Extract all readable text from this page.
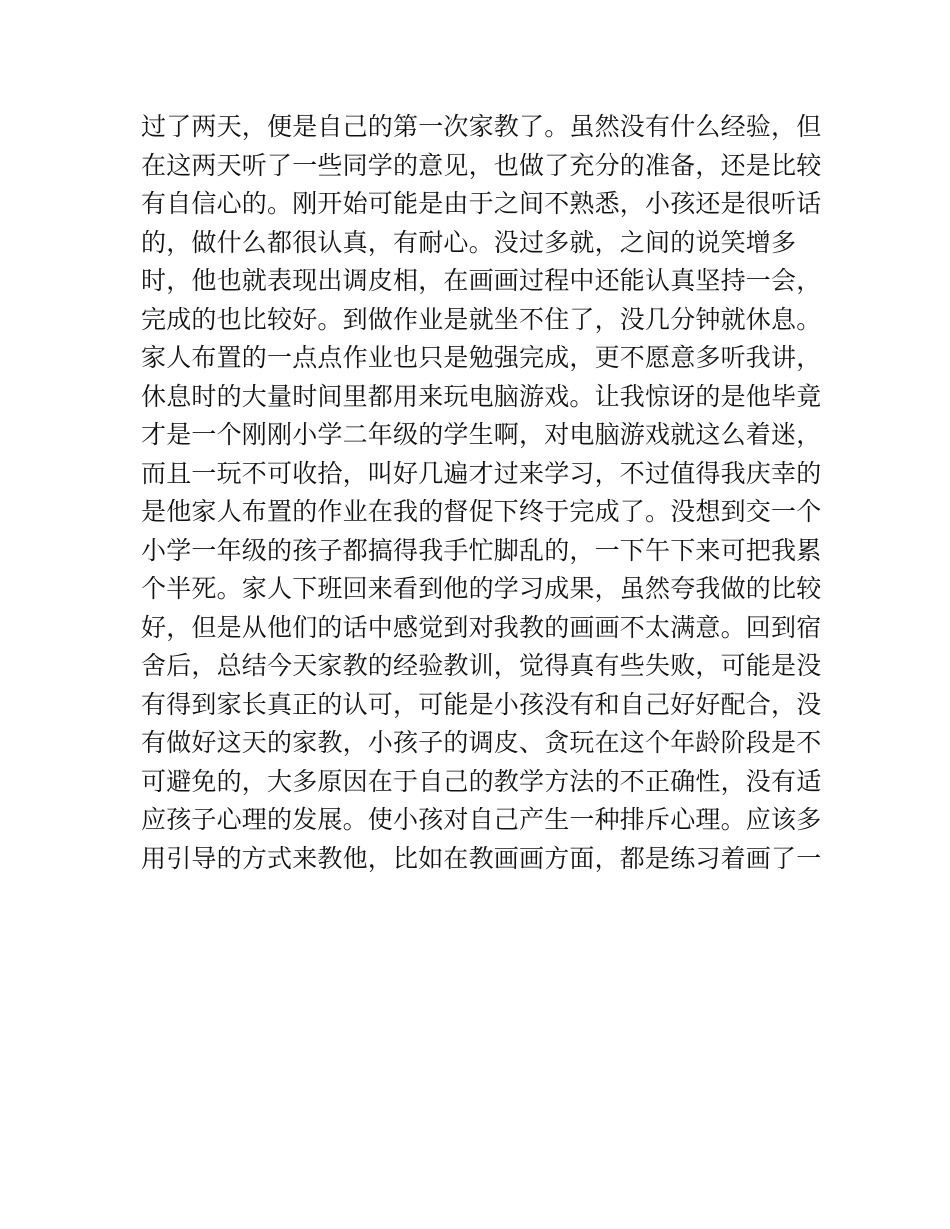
过了两天，便是自己的第一次家教了。虽然没有什么经验，但
在这两天听了一些同学的意见，也做了充分的准备，还是比较
有自信心的。刚开始可能是由于之间不熟悉，小孩还是很听话
的，做什么都很认真，有耐心。没过多就，之间的说笑增多
时，他也就表现出调皮相，在画画过程中还能认真坚持一会，
完成的也比较好。到做作业是就坐不住了，没几分钟就休息。
家人布置的一点点作业也只是勉强完成，更不愿意多听我讲，
休息时的大量时间里都用来玩电脑游戏。让我惊讶的是他毕竟
才是一个刚刚小学二年级的学生啊，对电脑游戏就这么着迷，
而且一玩不可收拾，叫好几遍才过来学习，不过值得我庆幸的
是他家人布置的作业在我的督促下终于完成了。没想到交一个
小学一年级的孩子都搞得我手忙脚乱的，一下午下来可把我累
个半死。家人下班回来看到他的学习成果，虽然夸我做的比较
好，但是从他们的话中感觉到对我教的画画不太满意。回到宿
舍后，总结今天家教的经验教训，觉得真有些失败，可能是没
有得到家长真正的认可，可能是小孩没有和自己好好配合，没
有做好这天的家教，小孩子的调皮、贪玩在这个年龄阶段是不
可避免的，大多原因在于自己的教学方法的不正确性，没有适
应孩子心理的发展。使小孩对自己产生一种排斥心理。应该多
用引导的方式来教他，比如在教画画方面，都是练习着画了一
